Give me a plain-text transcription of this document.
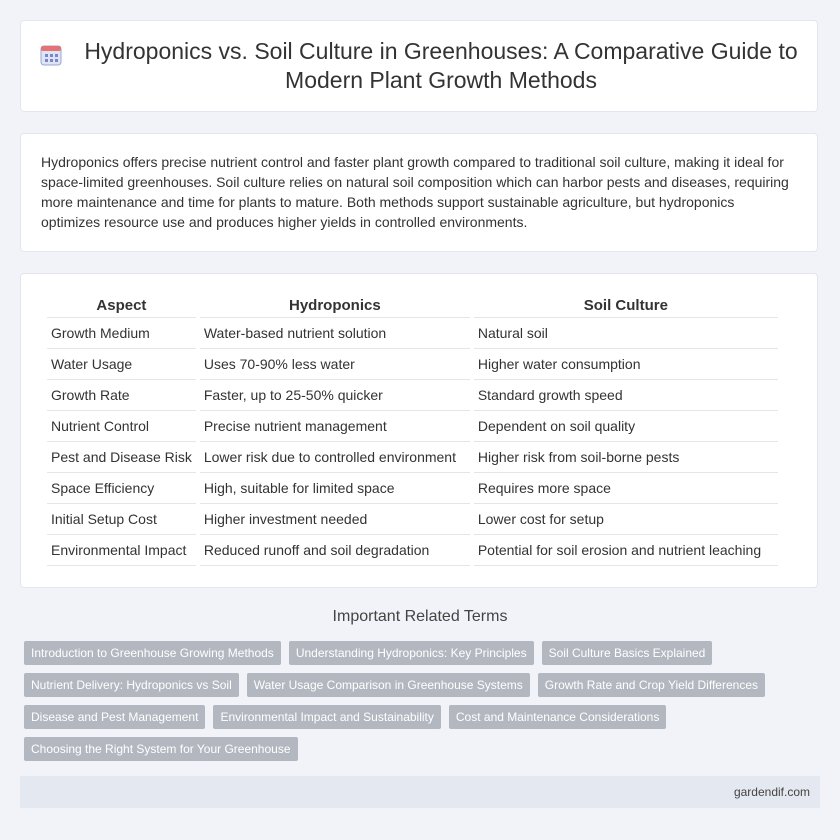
Hydroponics vs. Soil Culture in Greenhouses: A Comparative Guide to Modern Plant Growth Methods

Hydroponics offers precise nutrient control and faster plant growth compared to traditional soil culture, making it ideal for space-limited greenhouses. Soil culture relies on natural soil composition which can harbor pests and diseases, requiring more maintenance and time for plants to mature. Both methods support sustainable agriculture, but hydroponics optimizes resource use and produces higher yields in controlled environments.

Aspect	Hydroponics	Soil Culture
Growth Medium	Water-based nutrient solution	Natural soil
Water Usage	Uses 70-90% less water	Higher water consumption
Growth Rate	Faster, up to 25-50% quicker	Standard growth speed
Nutrient Control	Precise nutrient management	Dependent on soil quality
Pest and Disease Risk	Lower risk due to controlled environment	Higher risk from soil-borne pests
Space Efficiency	High, suitable for limited space	Requires more space
Initial Setup Cost	Higher investment needed	Lower cost for setup
Environmental Impact	Reduced runoff and soil degradation	Potential for soil erosion and nutrient leaching
Important Related Terms
Introduction to Greenhouse Growing Methods	Understanding Hydroponics: Key Principles	Soil Culture Basics Explained
Nutrient Delivery: Hydroponics vs Soil	Water Usage Comparison in Greenhouse Systems	Growth Rate and Crop Yield Differences
Disease and Pest Management	Environmental Impact and Sustainability	Cost and Maintenance Considerations
Choosing the Right System for Your Greenhouse
gardendif.com
